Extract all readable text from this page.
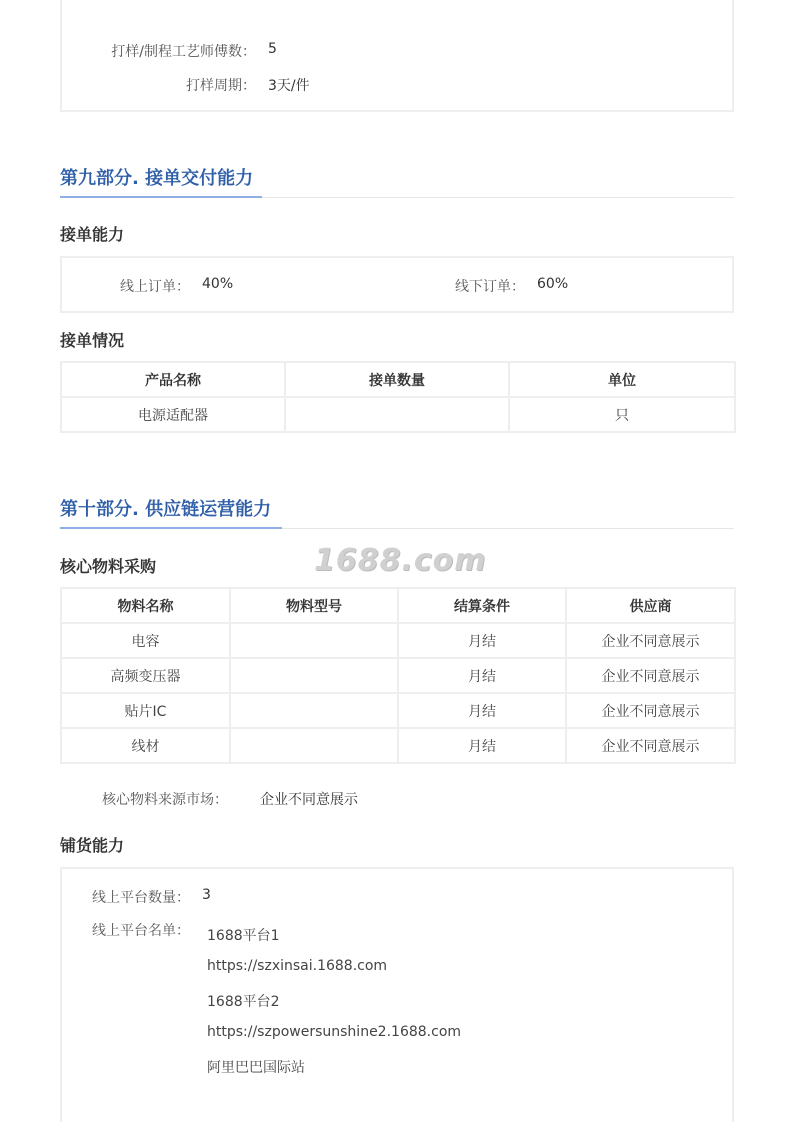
打样/制程工艺师傅数： 5
打样周期： 3天/件
第九部分. 接单交付能力
接单能力
线上订单： 40%	线下订单： 60%
接单情况
产品名称	接单数量	单位
电源适配器		只
第十部分. 供应链运营能力
核心物料采购	1688.com
物料名称	物料型号	结算条件	供应商
电容		月结	企业不同意展示
高频变压器		月结	企业不同意展示
贴片IC		月结	企业不同意展示
线材		月结	企业不同意展示
核心物料来源市场： 企业不同意展示
铺货能力
线上平台数量： 3
线上平台名单： 1688平台1
https://szxinsai.1688.com
1688平台2
https://szpowersunshine2.1688.com
阿里巴巴国际站
